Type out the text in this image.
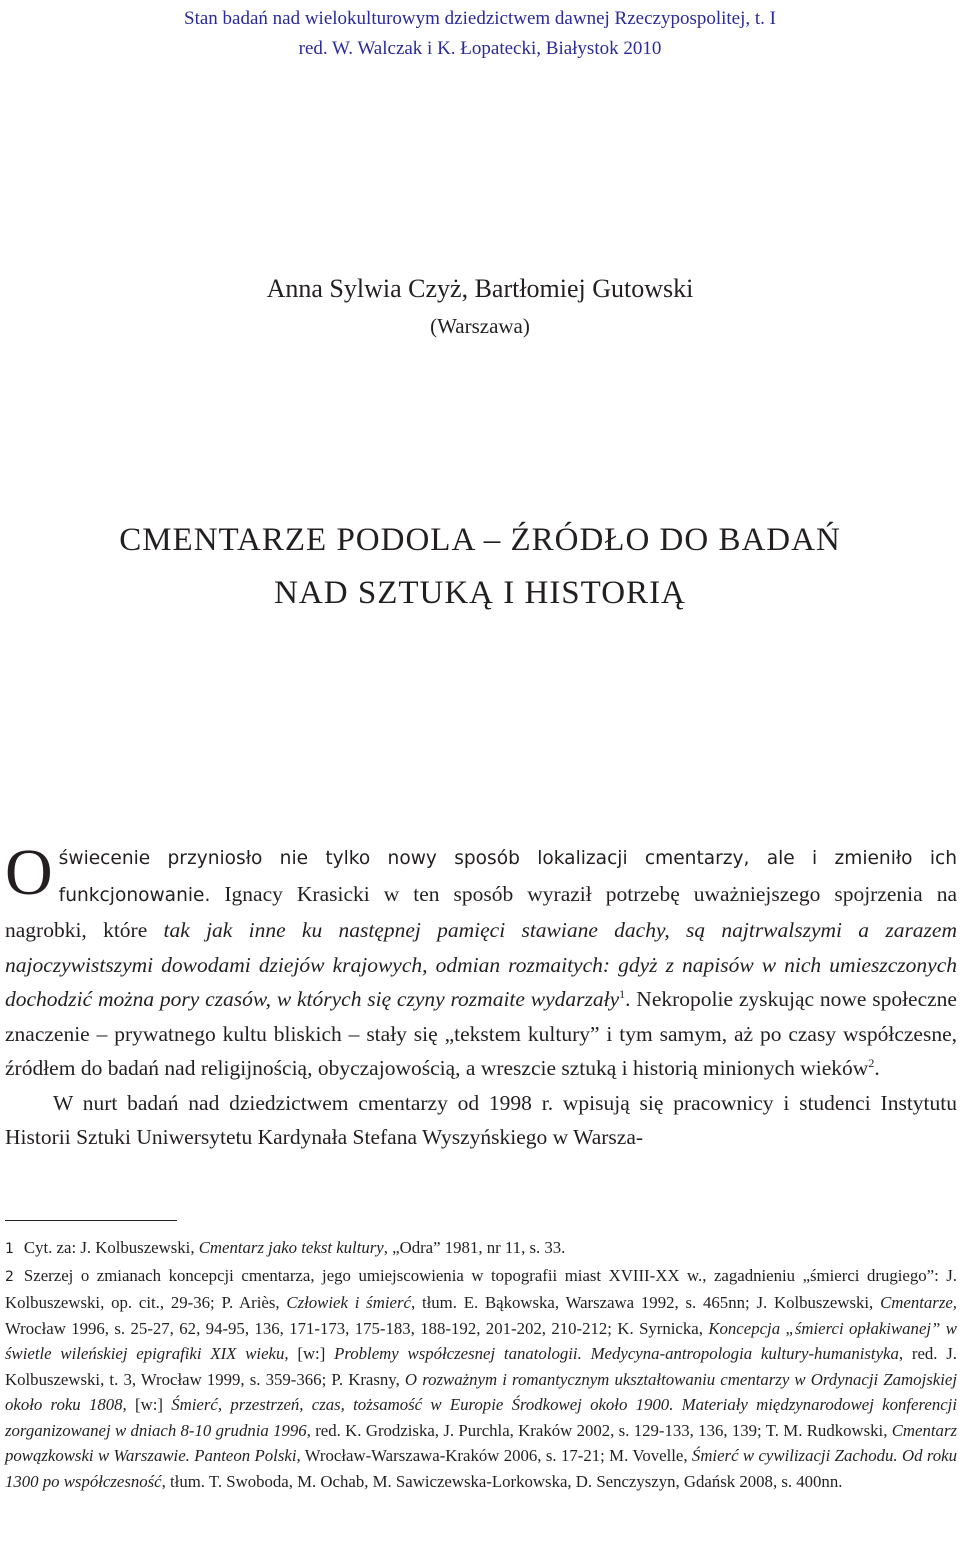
Stan badań nad wielokulturowym dziedzictwem dawnej Rzeczypospolitej, t. I
red. W. Walczak i K. Łopatecki, Białystok 2010
Anna Sylwia Czyż, Bartłomiej Gutowski
(Warszawa)
CMENTARZE PODOLA – ŹRÓDŁO DO BADAŃ
NAD SZTUKĄ I HISTORIĄ

Oświecenie przyniosło nie tylko nowy sposób lokalizacji cmentarzy, ale i zmieniło ich funkcjonowanie. Ignacy Krasicki w ten sposób wyraził potrzebę uważniejszego spojrzenia na nagrobki, które tak jak inne ku następnej pamięci stawiane dachy, są najtrwalszymi a zarazem najoczywistszymi dowodami dziejów krajowych, odmian rozmaitych: gdyż z napisów w nich umieszczonych dochodzić można pory czasów, w których się czyny rozmaite wydarzały$^1$. Nekropolie zyskując nowe społeczne znaczenie – prywatnego kultu bliskich – stały się „tekstem kultury” i tym samym, aż po czasy współczesne, źródłem do badań nad religijnością, obyczajowością, a wreszcie sztuką i historią minionych wieków$^2$.

W nurt badań nad dziedzictwem cmentarzy od 1998 r. wpisują się pracownicy i studenci Instytutu Historii Sztuki Uniwersytetu Kardynała Stefana Wyszyńskiego w Warsza-

1 Cyt. za: J. Kolbuszewski, Cmentarz jako tekst kultury, „Odra” 1981, nr 11, s. 33.

2 Szerzej o zmianach koncepcji cmentarza, jego umiejscowienia w topografii miast XVIII-XX w., zagadnieniu „śmierci drugiego”: J. Kolbuszewski, op. cit., 29-36; P. Ariès, Człowiek i śmierć, tłum. E. Bąkowska, Warszawa 1992, s. 465nn; J. Kolbuszewski, Cmentarze, Wrocław 1996, s. 25-27, 62, 94-95, 136, 171-173, 175-183, 188-192, 201-202, 210-212; K. Syrnicka, Koncepcja „śmierci opłakiwanej” w świetle wileńskiej epigrafiki XIX wieku, [w:] Problemy współczesnej tanatologii. Medycyna-antropologia kultury-humanistyka, red. J. Kolbuszewski, t. 3, Wrocław 1999, s. 359-366; P. Krasny, O rozważnym i romantycznym ukształtowaniu cmentarzy w Ordynacji Zamojskiej około roku 1808, [w:] Śmierć, przestrzeń, czas, tożsamość w Europie Środkowej około 1900. Materiały międzynarodowej konferencji zorganizowanej w dniach 8-10 grudnia 1996, red. K. Grodziska, J. Purchla, Kraków 2002, s. 129-133, 136, 139; T. M. Rudkowski, Cmentarz powązkowski w Warszawie. Panteon Polski, Wrocław-Warszawa-Kraków 2006, s. 17-21; M. Vovelle, Śmierć w cywilizacji Zachodu. Od roku 1300 po współczesność, tłum. T. Swoboda, M. Ochab, M. Sawiczewska-Lorkowska, D. Senczyszyn, Gdańsk 2008, s. 400nn.
